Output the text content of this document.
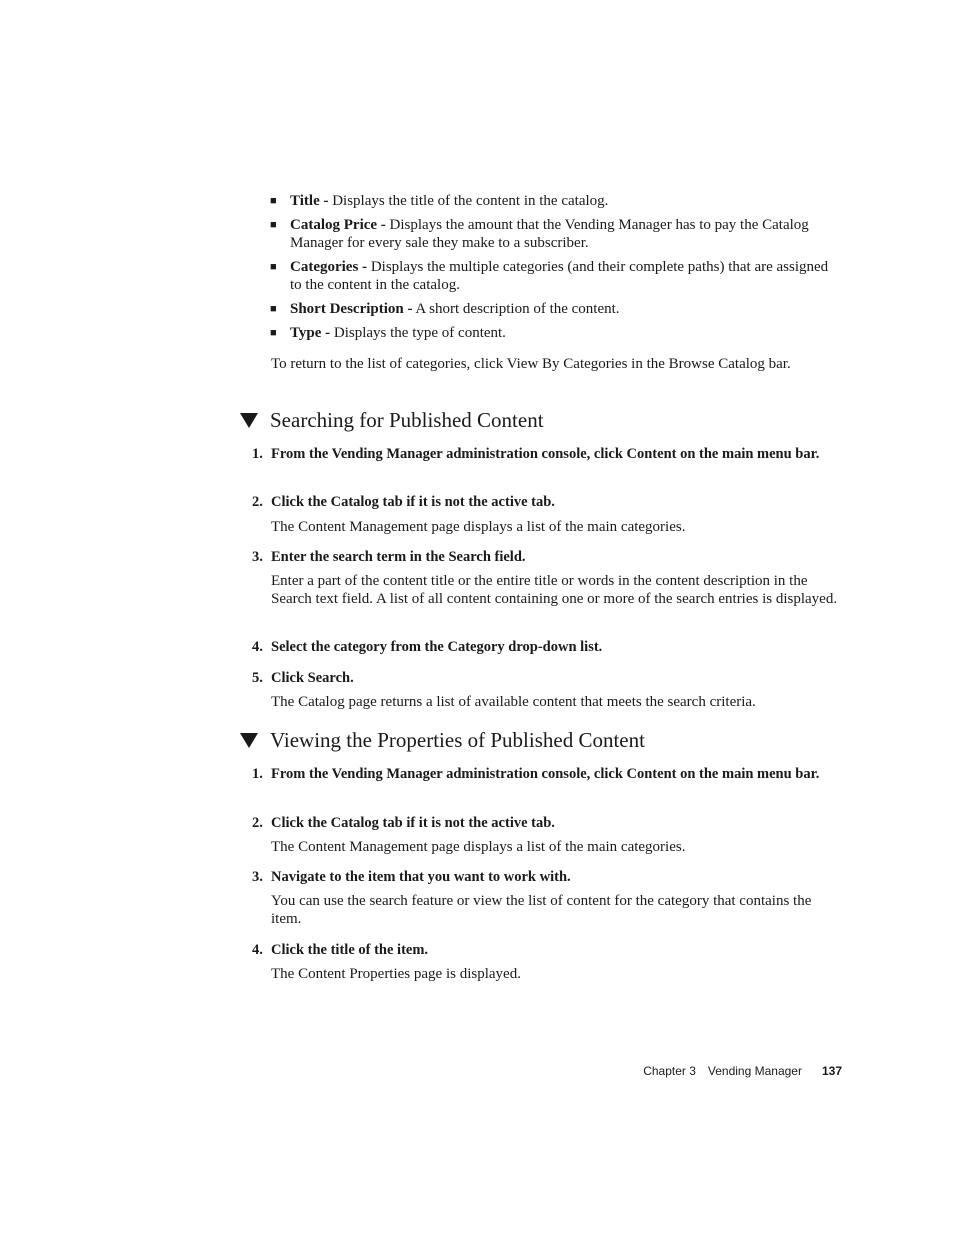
■ Title - Displays the title of the content in the catalog.
■ Catalog Price - Displays the amount that the Vending Manager has to pay the Catalog Manager for every sale they make to a subscriber.
■ Categories - Displays the multiple categories (and their complete paths) that are assigned to the content in the catalog.
■ Short Description - A short description of the content.
■ Type - Displays the type of content.

To return to the list of categories, click View By Categories in the Browse Catalog bar.

Searching for Published Content
1. From the Vending Manager administration console, click Content on the main menu bar.
2. Click the Catalog tab if it is not the active tab.

The Content Management page displays a list of the main categories.

3. Enter the search term in the Search field.

Enter a part of the content title or the entire title or words in the content description in the Search text field. A list of all content containing one or more of the search entries is displayed.

4. Select the category from the Category drop-down list.
5. Click Search.

The Catalog page returns a list of available content that meets the search criteria.

Viewing the Properties of Published Content
1. From the Vending Manager administration console, click Content on the main menu bar.
2. Click the Catalog tab if it is not the active tab.

The Content Management page displays a list of the main categories.

3. Navigate to the item that you want to work with.

You can use the search feature or view the list of content for the category that contains the item.

4. Click the title of the item.

The Content Properties page is displayed.

Chapter 3 Vending Manager 137
